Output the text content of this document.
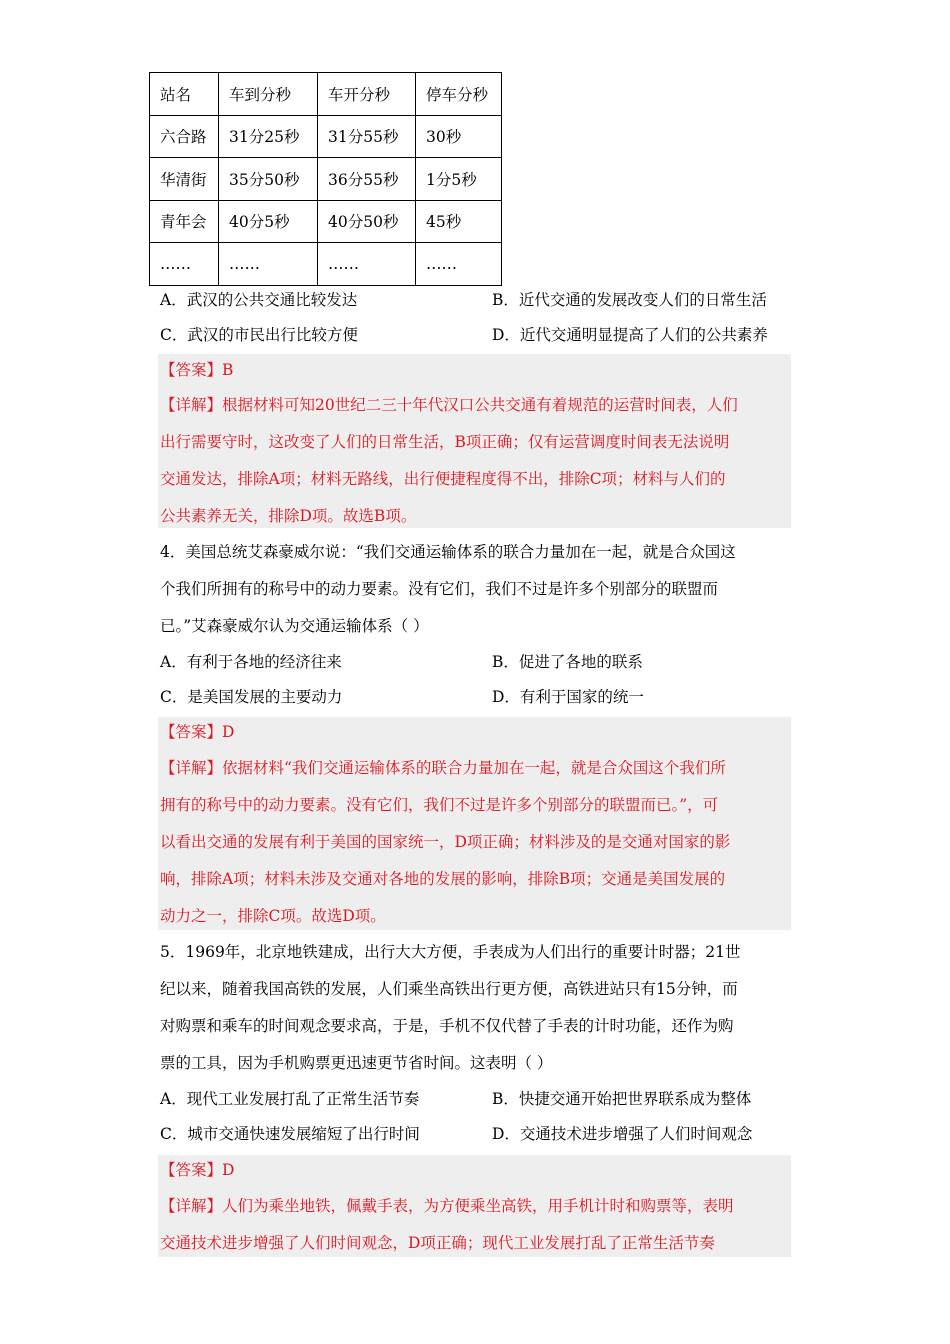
站名	车到分秒	车开分秒	停车分秒
六合路	31分25秒	31分55秒	30秒
华清街	35分50秒	36分55秒	1分5秒
青年会	40分5秒	40分50秒	45秒
……	……	……	……
A．武汉的公共交通比较发达	B．近代交通的发展改变人们的日常生活
C．武汉的市民出行比较方便	D．近代交通明显提高了人们的公共素养
【答案】B
【详解】根据材料可知20世纪二三十年代汉口公共交通有着规范的运营时间表，人们
出行需要守时，这改变了人们的日常生活，B项正确；仅有运营调度时间表无法说明
交通发达，排除A项；材料无路线，出行便捷程度得不出，排除C项；材料与人们的
公共素养无关，排除D项。故选B项。
4．美国总统艾森豪威尔说：“我们交通运输体系的联合力量加在一起，就是合众国这
个我们所拥有的称号中的动力要素。没有它们，我们不过是许多个别部分的联盟而
已。”艾森豪威尔认为交通运输体系（ ）
A．有利于各地的经济往来	B．促进了各地的联系
C．是美国发展的主要动力	D．有利于国家的统一
【答案】D
【详解】依据材料“我们交通运输体系的联合力量加在一起，就是合众国这个我们所
拥有的称号中的动力要素。没有它们，我们不过是许多个别部分的联盟而已。”，可
以看出交通的发展有利于美国的国家统一，D项正确；材料涉及的是交通对国家的影
响，排除A项；材料未涉及交通对各地的发展的影响，排除B项；交通是美国发展的
动力之一，排除C项。故选D项。
5．1969年，北京地铁建成，出行大大方便，手表成为人们出行的重要计时器；21世
纪以来，随着我国高铁的发展，人们乘坐高铁出行更方便，高铁进站只有15分钟，而
对购票和乘车的时间观念要求高，于是，手机不仅代替了手表的计时功能，还作为购
票的工具，因为手机购票更迅速更节省时间。这表明（ ）
A．现代工业发展打乱了正常生活节奏	B．快捷交通开始把世界联系成为整体
C．城市交通快速发展缩短了出行时间	D．交通技术进步增强了人们时间观念
【答案】D
【详解】人们为乘坐地铁，佩戴手表，为方便乘坐高铁，用手机计时和购票等，表明
交通技术进步增强了人们时间观念，D项正确；现代工业发展打乱了正常生活节奏
